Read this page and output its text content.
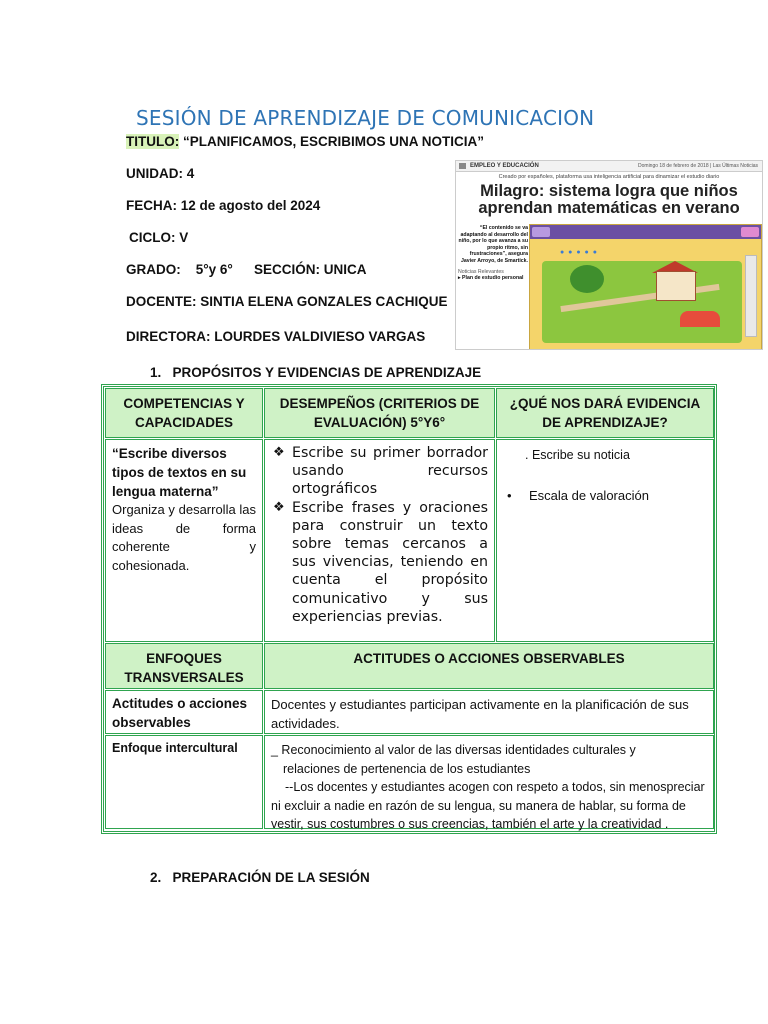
SESIÓN DE APRENDIZAJE DE COMUNICACION
TITULO: “PLANIFICAMOS, ESCRIBIMOS UNA NOTICIA”
UNIDAD: 4
FECHA: 12 de agosto del 2024
CICLO: V
GRADO:    5°y 6° SECCIÓN: UNICA
DOCENTE: SINTIA ELENA GONZALES CACHIQUE
DIRECTORA: LOURDES VALDIVIESO VARGAS
EMPLEO Y EDUCACIÓN	Domingo 18 de febrero de 2018 | Las Últimas Noticias
Creado por españoles, plataforma usa inteligencia artificial para dinamizar el estudio diario
Milagro: sistema logra que niños
aprendan matemáticas en verano
“El contenido se va adaptando al desarrollo del niño, por lo que avanza a su propio ritmo, sin frustraciones”, asegura Javier Arroyo, de Smartick.
Noticias Relevantes
▸ Plan de estudio personal
● ● ● ● ●
1.   PROPÓSITOS Y EVIDENCIAS DE APRENDIZAJE
COMPETENCIAS Y CAPACIDADES
DESEMPEÑOS (CRITERIOS DE EVALUACIÓN) 5°Y6°
¿QUÉ NOS DARÁ EVIDENCIA DE APRENDIZAJE?
“Escribe diversos tipos de textos en su lengua materna”
Organiza y desarrolla las ideas de forma coherente y cohesionada.
❖ Escribe su primer borrador usando recursos ortográficos
❖ Escribe frases y oraciones para construir un texto sobre temas cercanos a sus vivencias, teniendo en cuenta el propósito comunicativo y sus experiencias previas.
. Escribe su noticia
• Escala de valoración
ENFOQUES TRANSVERSALES
ACTITUDES O ACCIONES OBSERVABLES
Actitudes o acciones observables
Docentes y estudiantes participan activamente en la planificación de sus actividades.
Enfoque intercultural	_ Reconocimiento al valor de las diversas identidades culturales y
relaciones de pertenencia de los estudiantes
--Los docentes y estudiantes acogen con respeto a todos, sin menospreciar ni excluir a nadie en razón de su lengua, su manera de hablar, su forma de vestir, sus costumbres o sus creencias, también el arte y la creatividad .
2.   PREPARACIÓN DE LA SESIÓN
